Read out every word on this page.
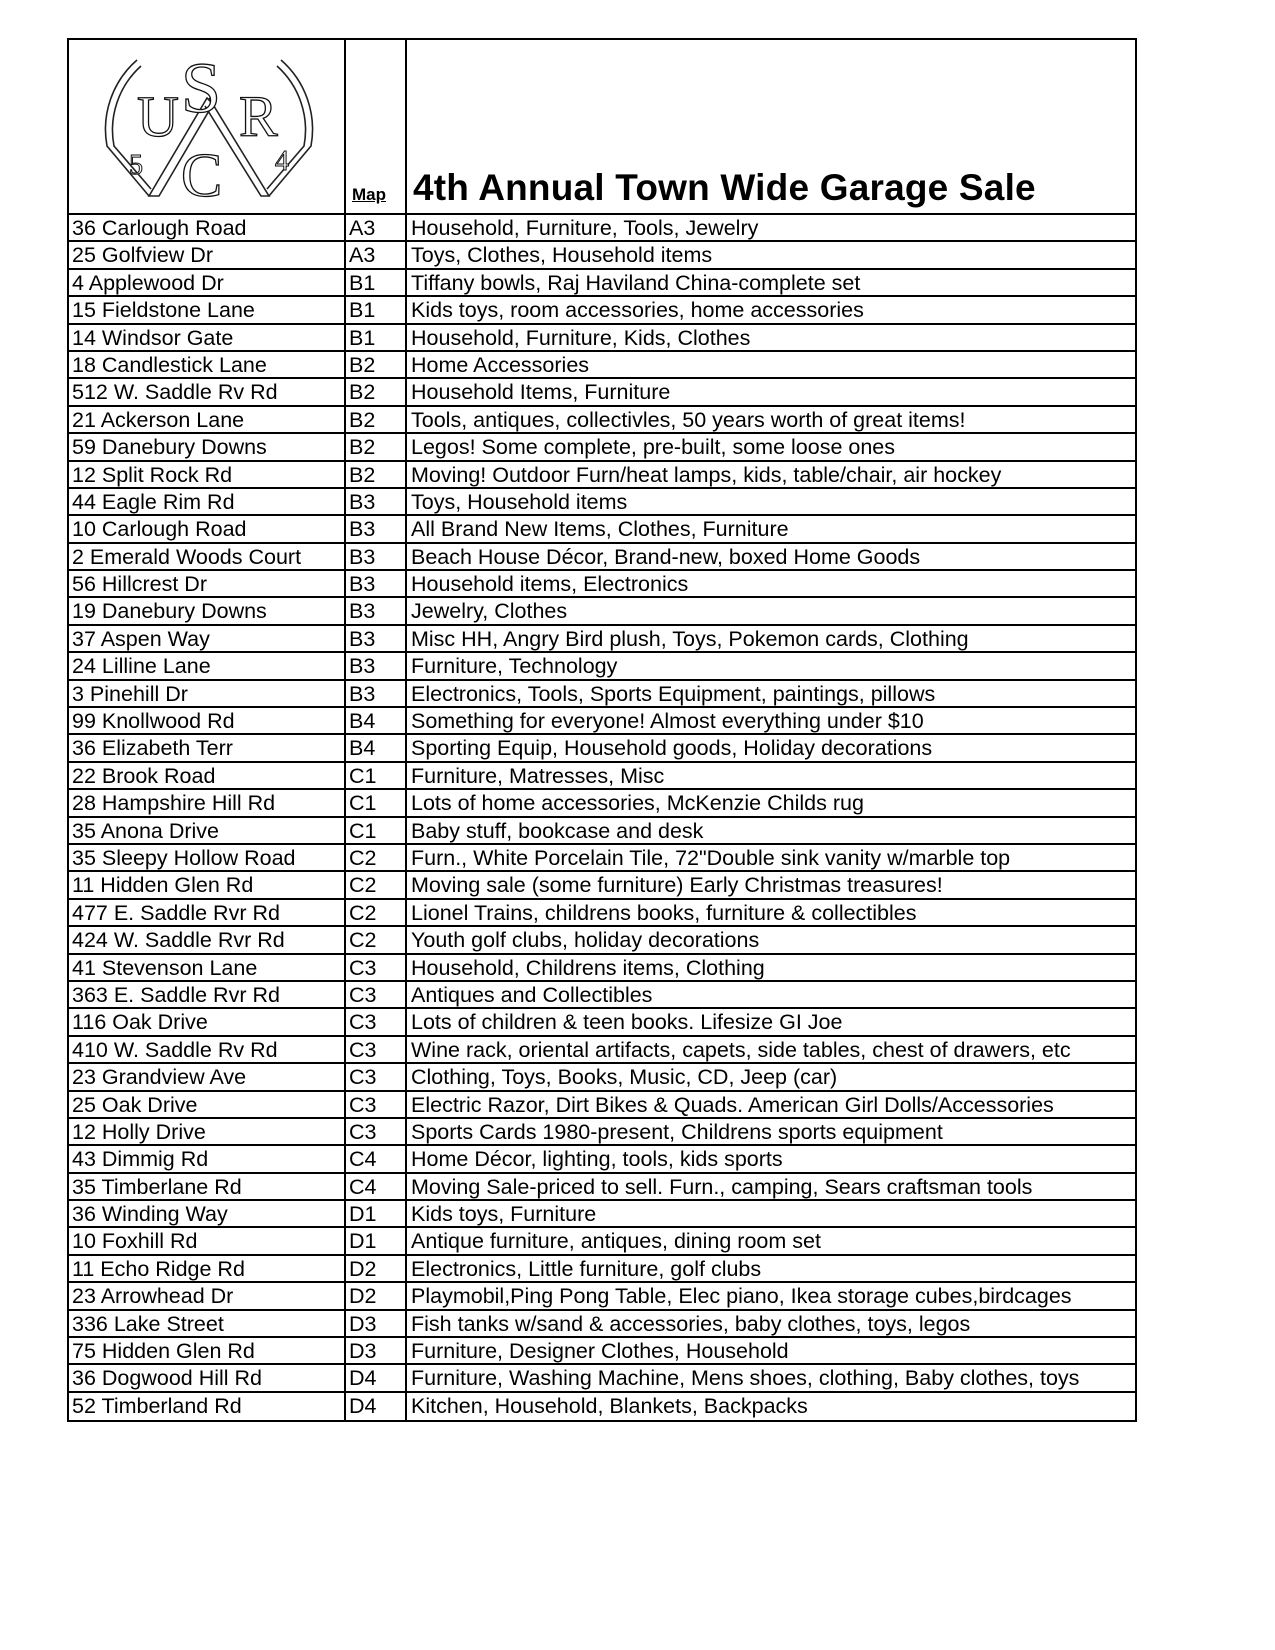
U S R
C
5	4
Map 4th Annual Town Wide Garage Sale
36 Carlough Road	A3	Household, Furniture, Tools, Jewelry
25 Golfview Dr	A3	Toys, Clothes, Household items
4 Applewood Dr	B1	Tiffany bowls, Raj Haviland China-complete set
15 Fieldstone Lane	B1	Kids toys, room accessories, home accessories
14 Windsor Gate	B1	Household, Furniture, Kids, Clothes
18 Candlestick Lane	B2	Home Accessories
512 W. Saddle Rv Rd	B2	Household Items, Furniture
21 Ackerson Lane	B2	Tools, antiques, collectivles, 50 years worth of great items!
59 Danebury Downs	B2	Legos! Some complete, pre-built, some loose ones
12 Split Rock Rd	B2	Moving! Outdoor Furn/heat lamps, kids, table/chair, air hockey
44 Eagle Rim Rd	B3	Toys, Household items
10 Carlough Road	B3	All Brand New Items, Clothes, Furniture
2 Emerald Woods Court	B3	Beach House Décor, Brand-new, boxed Home Goods
56 Hillcrest Dr	B3	Household items, Electronics
19 Danebury Downs	B3	Jewelry, Clothes
37 Aspen Way	B3	Misc HH, Angry Bird plush, Toys, Pokemon cards, Clothing
24 Lilline Lane	B3	Furniture, Technology
3 Pinehill Dr	B3	Electronics, Tools, Sports Equipment, paintings, pillows
99 Knollwood Rd	B4	Something for everyone! Almost everything under $10
36 Elizabeth Terr	B4	Sporting Equip, Household goods, Holiday decorations
22 Brook Road	C1	Furniture, Matresses, Misc
28 Hampshire Hill Rd	C1	Lots of home accessories, McKenzie Childs rug
35 Anona Drive	C1	Baby stuff, bookcase and desk
35 Sleepy Hollow Road	C2	Furn., White Porcelain Tile, 72"Double sink vanity w/marble top
11 Hidden Glen Rd	C2	Moving sale (some furniture) Early Christmas treasures!
477 E. Saddle Rvr Rd	C2	Lionel Trains, childrens books, furniture & collectibles
424 W. Saddle Rvr Rd	C2	Youth golf clubs, holiday decorations
41 Stevenson Lane	C3	Household, Childrens items, Clothing
363 E. Saddle Rvr Rd	C3	Antiques and Collectibles
116 Oak Drive	C3	Lots of children & teen books. Lifesize GI Joe
410 W. Saddle Rv Rd	C3	Wine rack, oriental artifacts, capets, side tables, chest of drawers, etc
23 Grandview Ave	C3	Clothing, Toys, Books, Music, CD, Jeep (car)
25 Oak Drive	C3	Electric Razor, Dirt Bikes & Quads. American Girl Dolls/Accessories
12 Holly Drive	C3	Sports Cards 1980-present, Childrens sports equipment
43 Dimmig Rd	C4	Home Décor, lighting, tools, kids sports
35 Timberlane Rd	C4	Moving Sale-priced to sell. Furn., camping, Sears craftsman tools
36 Winding Way	D1	Kids toys, Furniture
10 Foxhill Rd	D1	Antique furniture, antiques, dining room set
11 Echo Ridge Rd	D2	Electronics, Little furniture, golf clubs
23 Arrowhead Dr	D2	Playmobil,Ping Pong Table, Elec piano, Ikea storage cubes,birdcages
336 Lake Street	D3	Fish tanks w/sand & accessories, baby clothes, toys, legos
75 Hidden Glen Rd	D3	Furniture, Designer Clothes, Household
36 Dogwood Hill Rd	D4	Furniture, Washing Machine, Mens shoes, clothing, Baby clothes, toys
52 Timberland Rd	D4	Kitchen, Household, Blankets, Backpacks
